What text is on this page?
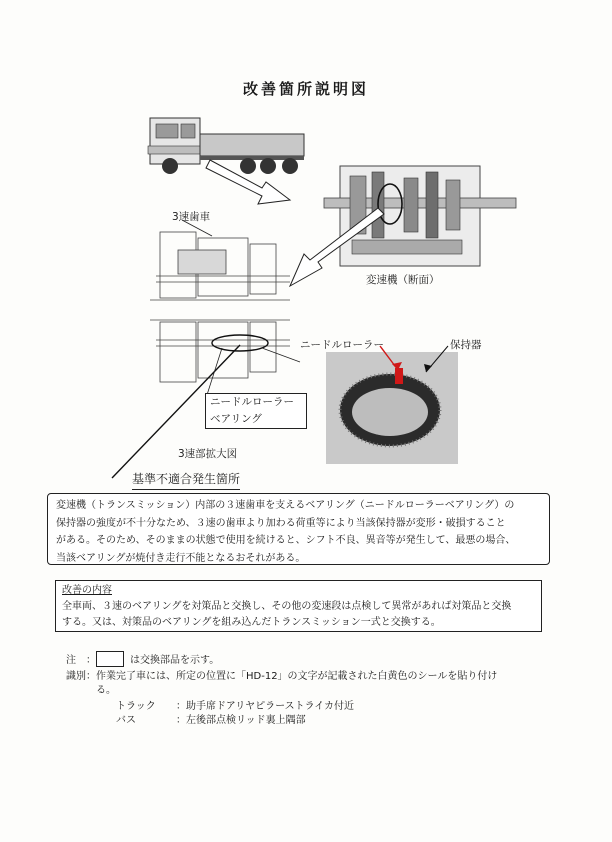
改善箇所説明図
3速歯車
変速機（断面）
ニードルローラー	保持器
ニードルローラー
ベアリング
3速部拡大図
基準不適合発生箇所
変速機（トランスミッション）内部の３速歯車を支えるベアリング（ニードルローラーベアリング）の
保持器の強度が不十分なため、３速の歯車より加わる荷重等により当該保持器が変形・破損すること
がある。そのため、そのままの状態で使用を続けると、シフト不良、異音等が発生して、最悪の場合、
当該ベアリングが焼付き走行不能となるおそれがある。
改善の内容
全車両、３速のベアリングを対策品と交換し、その他の変速段は点検して異常があれば対策品と交換
する。又は、対策品のベアリングを組み込んだトランスミッション一式と交換する。
注　：	は交換部品を示す。
識別： 作業完了車には、所定の位置に「HD-12」の文字が記載された白黄色のシールを貼り付ける。
トラック ：助手席ドアリヤピラーストライカ付近
バス	：左後部点検リッド裏上隅部
